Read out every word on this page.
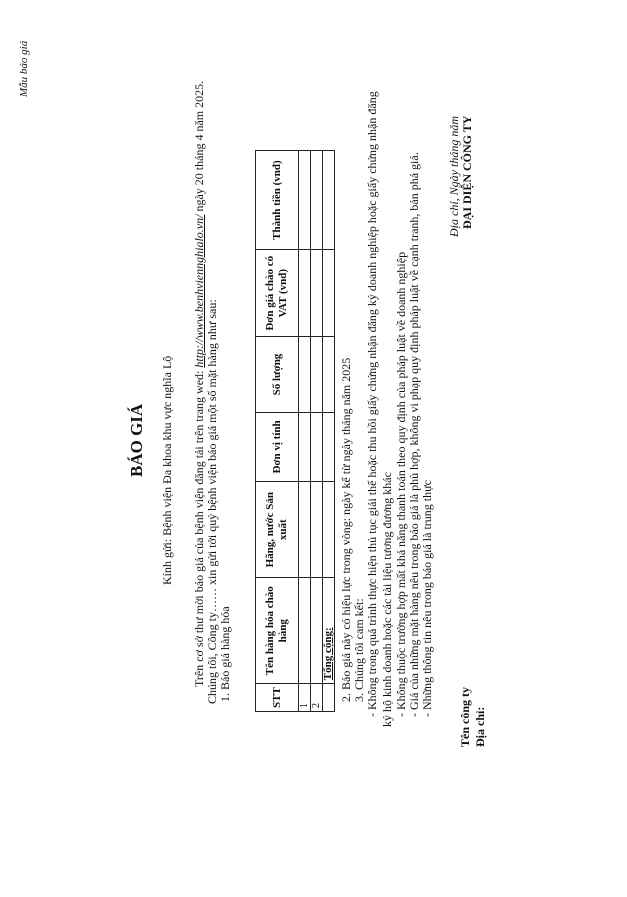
Mẫu báo giá
Tên công ty Địa chỉ:
BÁO GIÁ Kính gửi: Bệnh viện Đa khoa khu vực nghĩa Lộ Trên cơ sở thư mời báo giá của bệnh viện đăng tải trên trang wed: http://www.benhviennghialo.vn/ ngày 20 tháng 4 năm 2025.
Chúng tôi, Công ty…… xin gửi tới quý bệnh viện báo giá một số mặt hàng như sau: 1. Báo giá hàng hóa	STT	Tên hàng hóa chào hàng	Hãng, nước Sản xuất	Đơn vị tính	Số lượng	Đơn giá chào có VAT (vnđ)	Thành tiền (vnđ)
1						
2						
	Tổng cộng:					2. Báo giá này có hiệu lực trong vòng: ngày kể từ ngày tháng năm 2025 3. Chúng tôi cam kết: - Không trong quá trình thực hiện thủ tục giải thể hoặc thu hồi giấy chứng nhận đăng ký doanh nghiệp hoặc giấy chứng nhận đăng ký hộ kinh doanh hoặc các tài liệu tương đương khác - Không thuộc trường hợp mất khả năng thanh toán theo quy định của pháp luật về doanh nghiệp - Giá của những mặt hàng nêu trong báo giá là phù hợp, không vi phạp quy định pháp luật về cạnh tranh, bán phá giá. - Những thông tin nêu trong báo giá là trung thực
Địa chỉ, Ngày tháng năm ĐẠI DIỆN CÔNG TY
